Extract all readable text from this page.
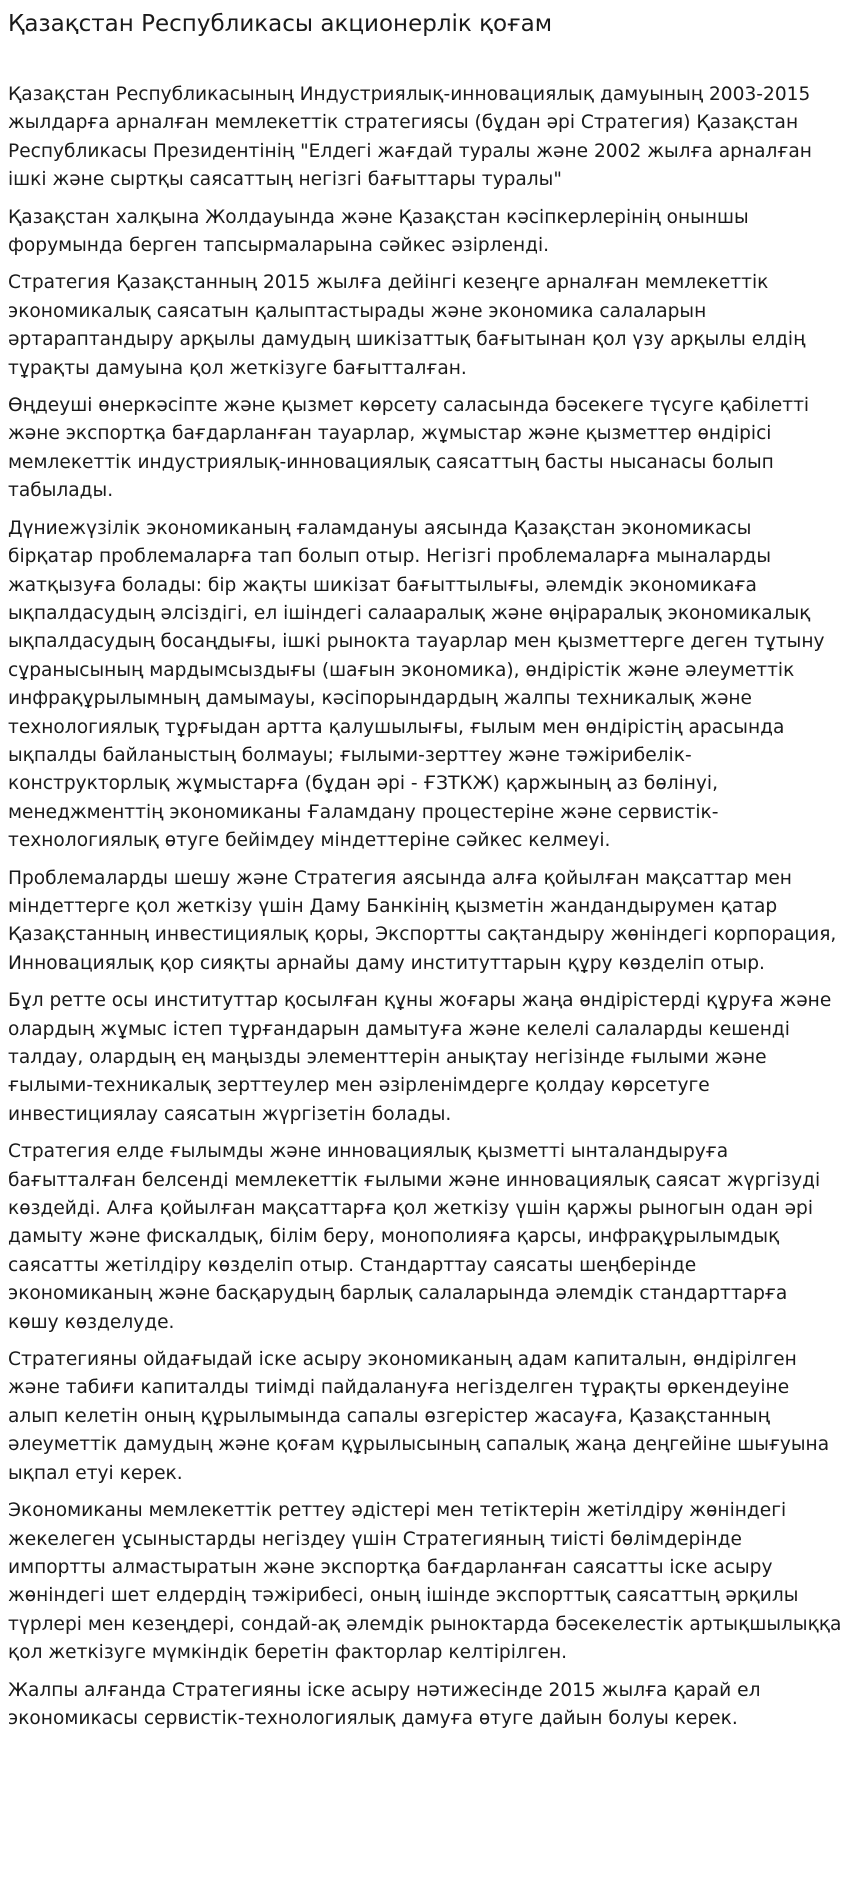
Қазақстан Республикасы акционерлік қоғам

Қазақстан Республикасының Индустриялық-инновациялық дамуының 2003-2015 жылдарға арналған мемлекеттік стратегиясы (бұдан әрі Стратегия) Қазақстан Республикасы Президентінің "Елдегі жағдай туралы және 2002 жылға арналған ішкі және сыртқы саясаттың негізгі бағыттары туралы"

Қазақстан халқына Жолдауында және Қазақстан кәсіпкерлерінің оныншы форумында берген тапсырмаларына сәйкес әзірленді.

Стратегия Қазақстанның 2015 жылға дейінгі кезеңге арналған мемлекеттік экономикалық саясатын қалыптастырады және экономика салаларын әртараптандыру арқылы дамудың шикізаттық бағытынан қол үзу арқылы елдің тұрақты дамуына қол жеткізуге бағытталған.

Өңдеуші өнеркәсіпте және қызмет көрсету саласында бәсекеге түсуге қабілетті және экспортқа бағдарланған тауарлар, жұмыстар және қызметтер өндірісі мемлекеттік индустриялық-инновациялық саясаттың басты нысанасы болып табылады.

Дүниежүзілік экономиканың ғаламдануы аясында Қазақстан экономикасы бірқатар проблемаларға тап болып отыр. Негізгі проблемаларға мыналарды жатқызуға болады: бір жақты шикізат бағыттылығы, әлемдік экономикаға ықпалдасудың әлсіздігі, ел ішіндегі салааралық және өңіраралық экономикалық ықпалдасудың босаңдығы, ішкі рынокта тауарлар мен қызметтерге деген тұтыну сұранысының мардымсыздығы (шағын экономика), өндірістік және әлеуметтік инфрақұрылымның дамымауы, кәсіпорындардың жалпы техникалық және технологиялық тұрғыдан артта қалушылығы, ғылым мен өндірістің арасында ықпалды байланыстың болмауы; ғылыми-зерттеу және тәжірибелік-конструкторлық жұмыстарға (бұдан әрі - ҒЗТКЖ) қаржының аз бөлінуі, менеджменттің экономиканы Ғаламдану процестеріне және сервистік-технологиялық өтуге бейімдеу міндеттеріне сәйкес келмеуі.

Проблемаларды шешу және Стратегия аясында алға қойылған мақсаттар мен міндеттерге қол жеткізу үшін Даму Банкінің қызметін жандандырумен қатар Қазақстанның инвестициялық қоры, Экспортты сақтандыру жөніндегі корпорация, Инновациялық қор сияқты арнайы даму институттарын құру көзделіп отыр.

Бұл ретте осы институттар қосылған құны жоғары жаңа өндірістерді құруға және олардың жұмыс істеп тұрғандарын дамытуға және келелі салаларды кешенді талдау, олардың ең маңызды элементтерін анықтау негізінде ғылыми және ғылыми-техникалық зерттеулер мен әзірленімдерге қолдау көрсетуге инвестициялау саясатын жүргізетін болады.

Стратегия елде ғылымды және инновациялық қызметті ынталандыруға бағытталған белсенді мемлекеттік ғылыми және инновациялық саясат жүргізуді көздейді. Алға қойылған мақсаттарға қол жеткізу үшін қаржы рыногын одан әрі дамыту және фискалдық, білім беру, монополияға қарсы, инфрақұрылымдық саясатты жетілдіру көзделіп отыр. Стандарттау саясаты шеңберінде экономиканың және басқарудың барлық салаларында әлемдік стандарттарға көшу көзделуде.

Стратегияны ойдағыдай іске асыру экономиканың адам капиталын, өндірілген және табиғи капиталды тиімді пайдалануға негізделген тұрақты өркендеуіне алып келетін оның құрылымында сапалы өзгерістер жасауға, Қазақстанның әлеуметтік дамудың және қоғам құрылысының сапалық жаңа деңгейіне шығуына ықпал етуі керек.

Экономиканы мемлекеттік реттеу әдістері мен тетіктерін жетілдіру жөніндегі жекелеген ұсыныстарды негіздеу үшін Стратегияның тиісті бөлімдерінде импортты алмастыратын және экспортқа бағдарланған саясатты іске асыру жөніндегі шет елдердің тәжірибесі, оның ішінде экспорттық саясаттың әрқилы түрлері мен кезеңдері, сондай-ақ әлемдік рыноктарда бәсекелестік артықшылыққа қол жеткізуге мүмкіндік беретін факторлар келтірілген.

Жалпы алғанда Стратегияны іске асыру нәтижесінде 2015 жылға қарай ел экономикасы сервистік-технологиялық дамуға өтуге дайын болуы керек.
